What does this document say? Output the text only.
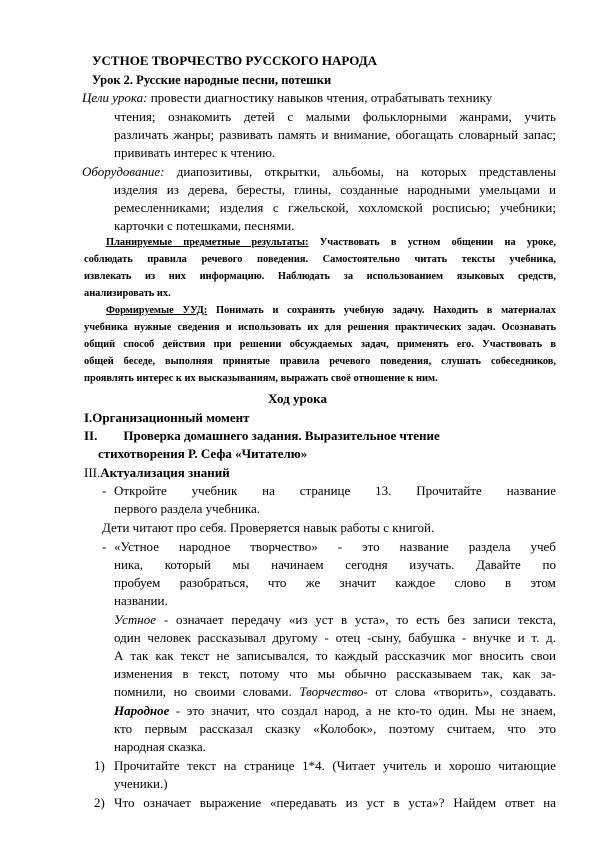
УСТНОЕ ТВОРЧЕСТВО РУССКОГО НАРОДА
Урок 2. Русские народные песни, потешки
Цели урока: провести диагностику навыков чтения, отрабатывать технику
чтения; ознакомить детей с малыми фольклорными жанрами, учить
различать жанры; развивать память и внимание, обогащать словарный запас;
прививать интерес к чтению.
Оборудование: диапозитивы, открытки, альбомы, на которых представлены
изделия из дерева, бересты, глины, созданные народными умельцами и
ремесленниками; изделия с гжельской, хохломской росписью; учебники;
карточки с потешками, песнями.
Планируемые предметные результаты: Участвовать в устном общении на уроке,
соблюдать правила речевого поведения. Самостоятельно читать тексты учебника,
извлекать из них информацию. Наблюдать за использованием языковых средств,
анализировать их.
Формируемые УУД: Понимать и сохранять учебную задачу. Находить в материалах
учебника нужные сведения и использовать их для решения практических задач. Осознавать
общий способ действия при решении обсуждаемых задач, применять его. Участвовать в
общей беседе, выполняя принятые правила речевого поведения, слушать собеседников,
проявлять интерес к их высказываниям, выражать своё отношение к ним.
Ход урока
I.Организационный момент
II. Проверка домашнего задания. Выразительное чтение
стихотворения Р. Сефа «Читателю»
III.Актуализация знаний
- Откройте учебник на странице 13. Прочитайте название
первого раздела учебника.
Дети читают про себя. Проверяется навык работы с книгой.
- «Устное народное творчество» - это название раздела учеб
ника, который мы начинаем сегодня изучать. Давайте по
пробуем разобраться, что же значит каждое слово в этом
названии.
Устное - означает передачу «из уст в уста», то есть без записи текста,
один человек рассказывал другому - отец -сыну, бабушка - внучке и т. д.
А так как текст не записывался, то каждый рассказчик мог вносить свои
изменения в текст, потому что мы обычно рассказываем так, как за-
помнили, но своими словами. Творчество- от слова «творить», создавать.
Народное - это значит, что создал народ, а не кто-то один. Мы не знаем,
кто первым рассказал сказку «Колобок», поэтому считаем, что это
народная сказка.
1) Прочитайте текст на странице 1*4. (Читает учитель и хорошо читающие
ученики.)
2) Что означает выражение «передавать из уст в уста»? Найдем ответ на
